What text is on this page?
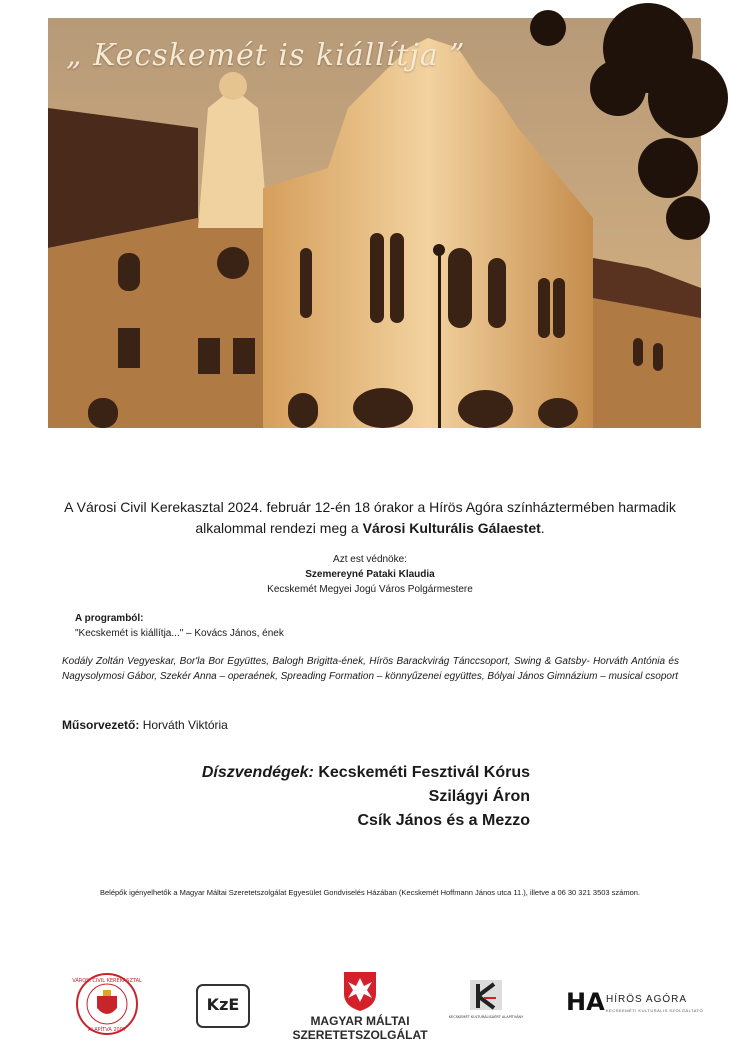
„ Kecskemét is kiállítja ”
A Városi Civil Kerekasztal 2024. február 12-én 18 órakor a Hírös Agóra színháztermében harmadik alkalommal rendezi meg a Városi Kulturális Gálaestet.
Azt est védnöke:
Szemereyné Pataki Klaudia
Kecskemét Megyei Jogú Város Polgármestere
A programból:
"Kecskemét is kiállítja..." – Kovács János, ének
Kodály Zoltán Vegyeskar, Bor'la Bor Együttes, Balogh Brigitta-ének, Hírös Barackvirág Tánccsoport, Swing & Gatsby- Horváth Antónia és Nagysolymosi Gábor, Szekér Anna – operaének, Spreading Formation – könnyűzenei együttes, Bólyai János Gimnázium – musical csoport
Műsorvezető: Horváth Viktória
Díszvendégek: Kecskeméti Fesztivál Kórus
Szilágyi Áron
Csík János és a Mezzo
Belépők igényelhetők a Magyar Máltai Szeretetszolgálat Egyesület Gondviselés Házában (Kecskemét Hoffmann János utca 11.), illetve a 06 30 321 3503 számon.
VÁROSI CIVIL KEREKASZTAL
ALAPÍTVA 2007
KzE
KECSKEMÉT KULTURÁLISÁÉRT ALAPÍTVÁNY
HA HÍRÖS AGÓRA
KECSKEMÉTI KULTURÁLIS SZOLGÁLTATÓ
MAGYAR MÁLTAI
SZERETETSZOLGÁLAT
